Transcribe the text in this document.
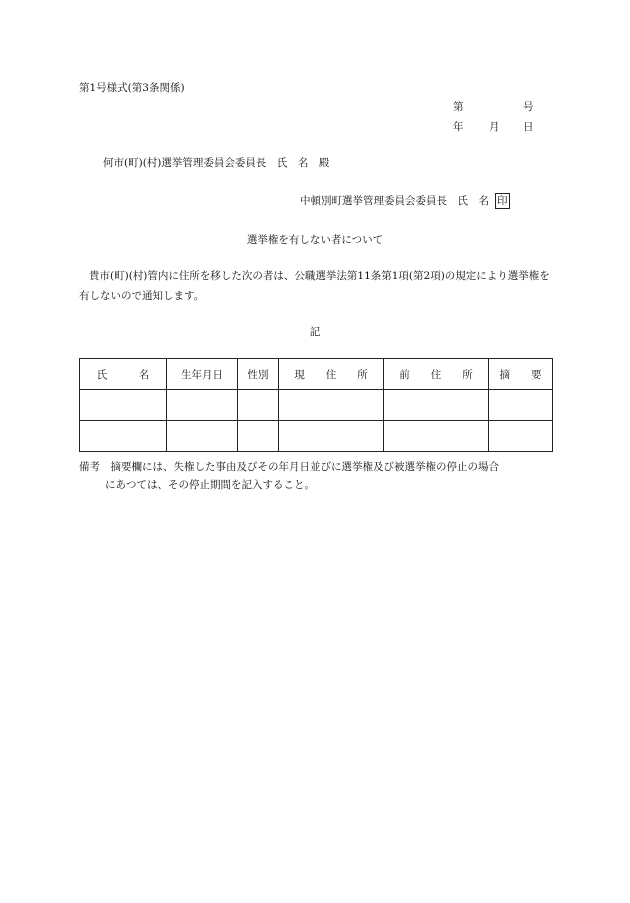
第1号様式(第3条関係)
第	号
年 月 日
何市(町)(村)選挙管理委員会委員長　氏　名　殿
中頓別町選挙管理委員会委員長　氏　名 印
選挙権を有しない者について
貴市(町)(村)管内に住所を移した次の者は、公職選挙法第11条第1項(第2項)の規定により選挙権を有しないので通知します。
記
氏　　　名	生年月日	性別	現　　住　　所	前　　住　　所	摘　　要

備考　摘要欄には、失権した事由及びその年月日並びに選挙権及び被選挙権の停止の場合
にあつては、その停止期間を記入すること。
